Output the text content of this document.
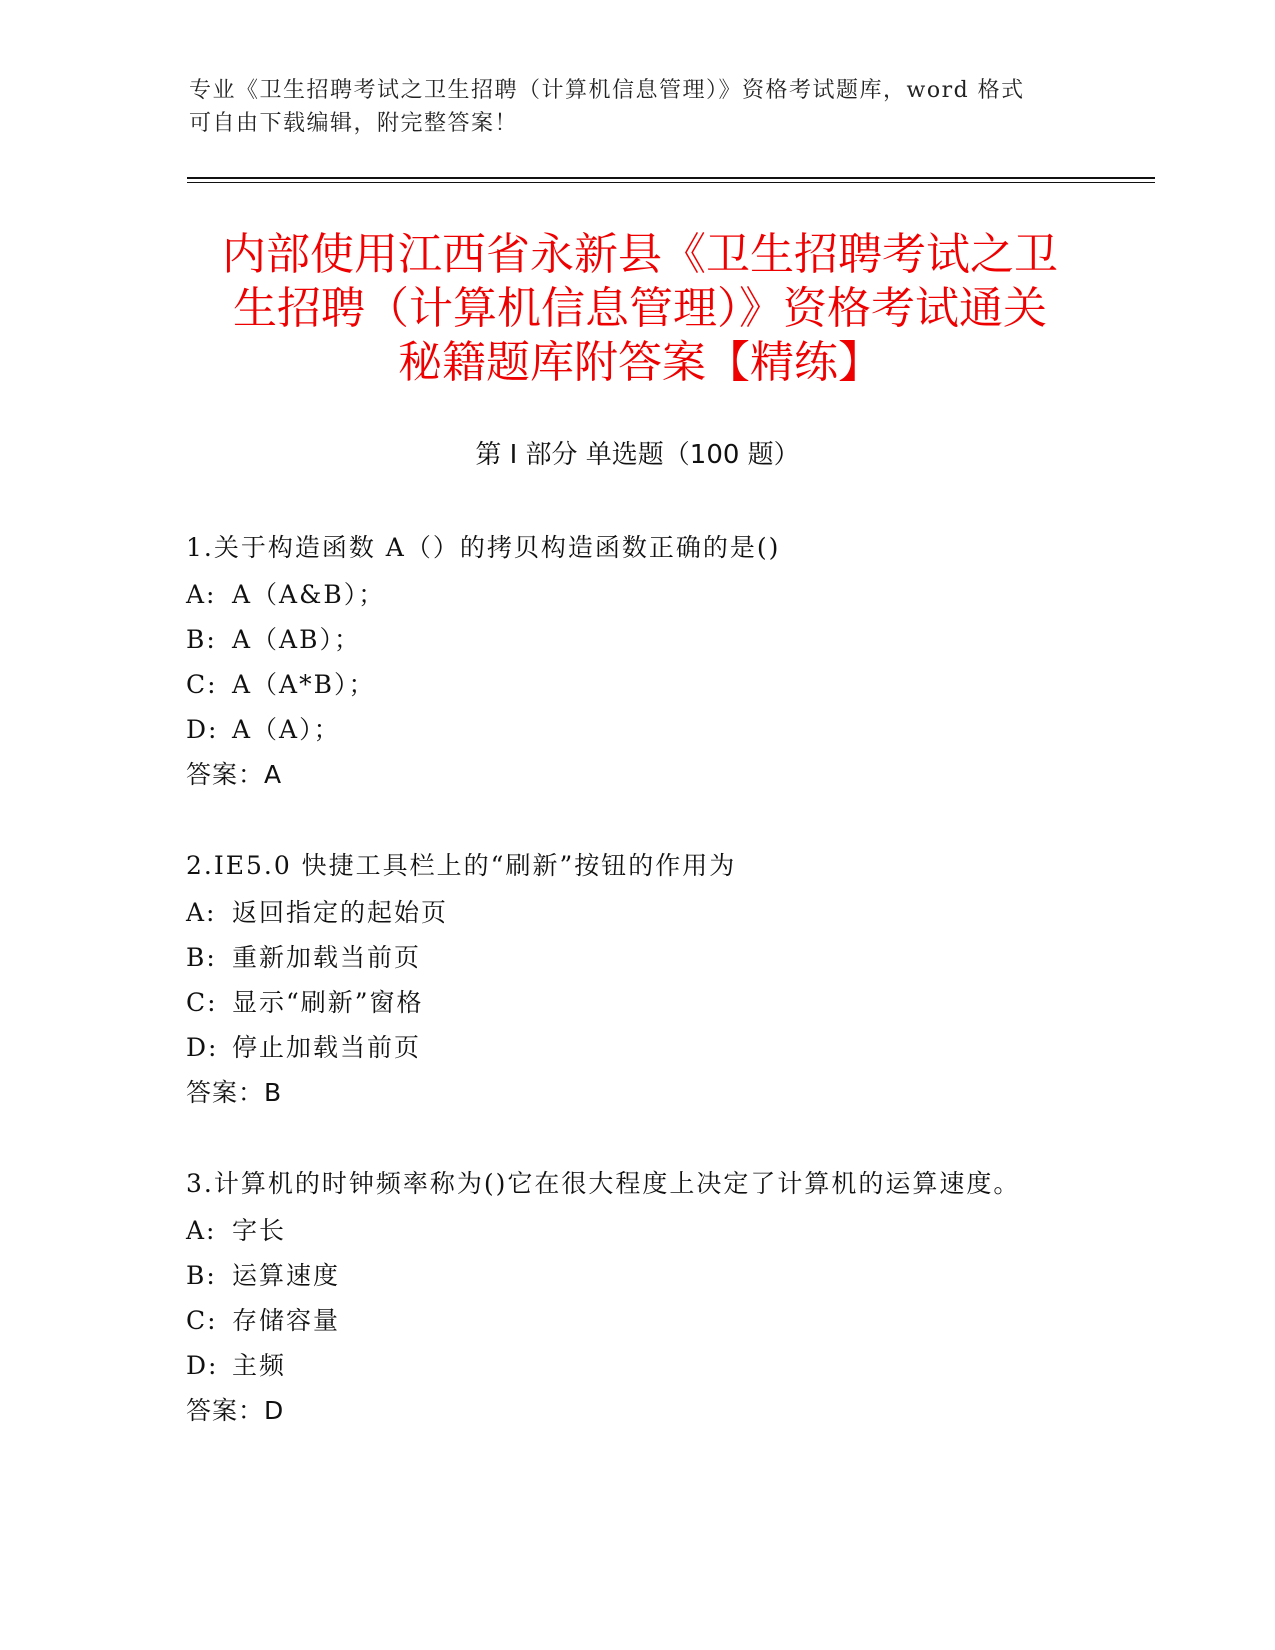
专业《卫生招聘考试之卫生招聘（计算机信息管理）》资格考试题库，word 格式
可自由下载编辑，附完整答案！
内部使用江西省永新县《卫生招聘考试之卫
生招聘（计算机信息管理）》资格考试通关
秘籍题库附答案【精练】
第 I 部分 单选题（100 题）
1.关于构造函数 A（）的拷贝构造函数正确的是()
A: A（A&B）；
B: A（AB）；
C: A（A*B）；
D: A（A）；
答案：A
2.IE5.0 快捷工具栏上的“刷新”按钮的作用为
A: 返回指定的起始页
B: 重新加载当前页
C: 显示“刷新”窗格
D: 停止加载当前页
答案：B
3.计算机的时钟频率称为()它在很大程度上决定了计算机的运算速度。
A: 字长
B: 运算速度
C: 存储容量
D: 主频
答案：D
